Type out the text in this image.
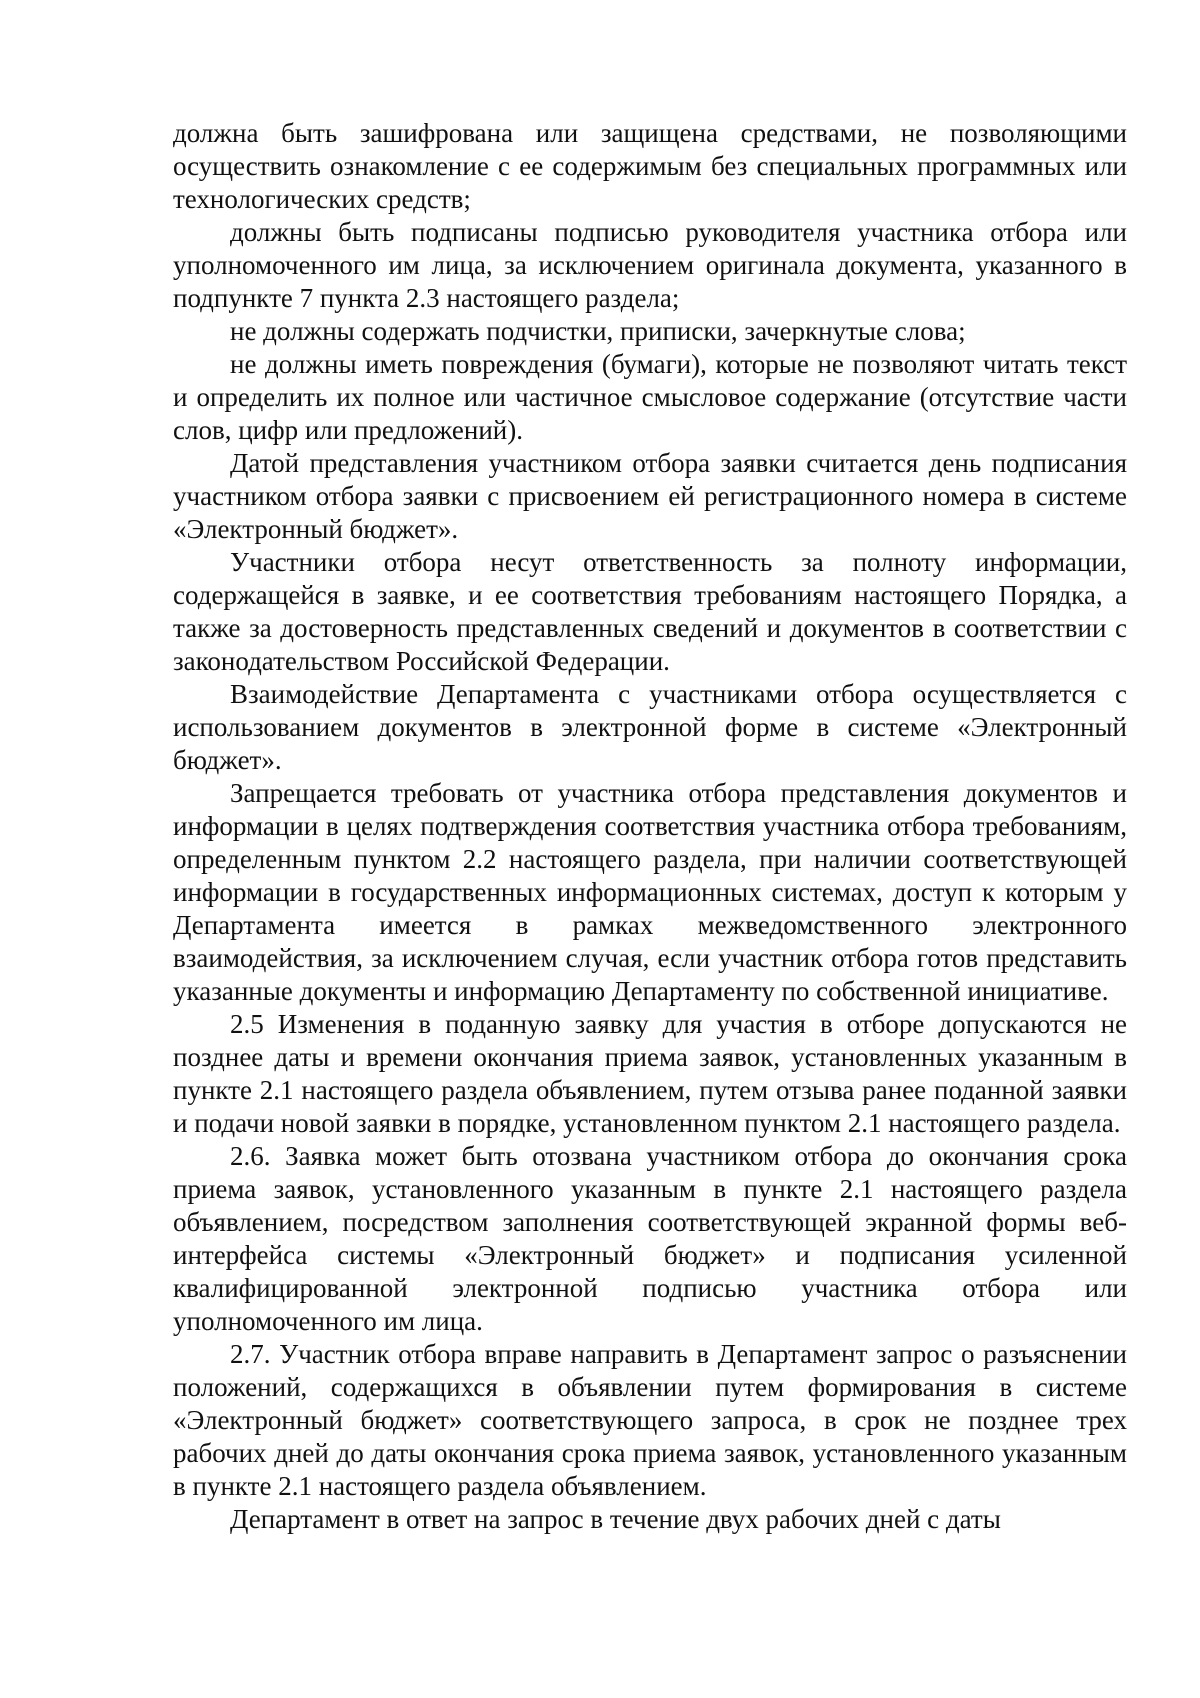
должна быть зашифрована или защищена средствами, не позволяющими осуществить ознакомление с ее содержимым без специальных программных или технологических средств;

должны быть подписаны подписью руководителя участника отбора или уполномоченного им лица, за исключением оригинала документа, указанного в подпункте 7 пункта 2.3 настоящего раздела;

не должны содержать подчистки, приписки, зачеркнутые слова;

не должны иметь повреждения (бумаги), которые не позволяют читать текст и определить их полное или частичное смысловое содержание (отсутствие части слов, цифр или предложений).

Датой представления участником отбора заявки считается день подписания участником отбора заявки с присвоением ей регистрационного номера в системе «Электронный бюджет».

Участники отбора несут ответственность за полноту информации, содержащейся в заявке, и ее соответствия требованиям настоящего Порядка, а также за достоверность представленных сведений и документов в соответствии с законодательством Российской Федерации.

Взаимодействие Департамента с участниками отбора осуществляется с использованием документов в электронной форме в системе «Электронный бюджет».

Запрещается требовать от участника отбора представления документов и информации в целях подтверждения соответствия участника отбора требованиям, определенным пунктом 2.2 настоящего раздела, при наличии соответствующей информации в государственных информационных системах, доступ к которым у Департамента имеется в рамках межведомственного электронного взаимодействия, за исключением случая, если участник отбора готов представить указанные документы и информацию Департаменту по собственной инициативе.

2.5 Изменения в поданную заявку для участия в отборе допускаются не позднее даты и времени окончания приема заявок, установленных указанным в пункте 2.1 настоящего раздела объявлением, путем отзыва ранее поданной заявки и подачи новой заявки в порядке, установленном пунктом 2.1 настоящего раздела.

2.6. Заявка может быть отозвана участником отбора до окончания срока приема заявок, установленного указанным в пункте 2.1 настоящего раздела объявлением, посредством заполнения соответствующей экранной формы веб-интерфейса системы «Электронный бюджет» и подписания усиленной квалифицированной электронной подписью участника отбора или уполномоченного им лица.

2.7. Участник отбора вправе направить в Департамент запрос о разъяснении положений, содержащихся в объявлении путем формирования в системе «Электронный бюджет» соответствующего запроса, в срок не позднее трех рабочих дней до даты окончания срока приема заявок, установленного указанным в пункте 2.1 настоящего раздела объявлением.

Департамент в ответ на запрос в течение двух рабочих дней с даты
